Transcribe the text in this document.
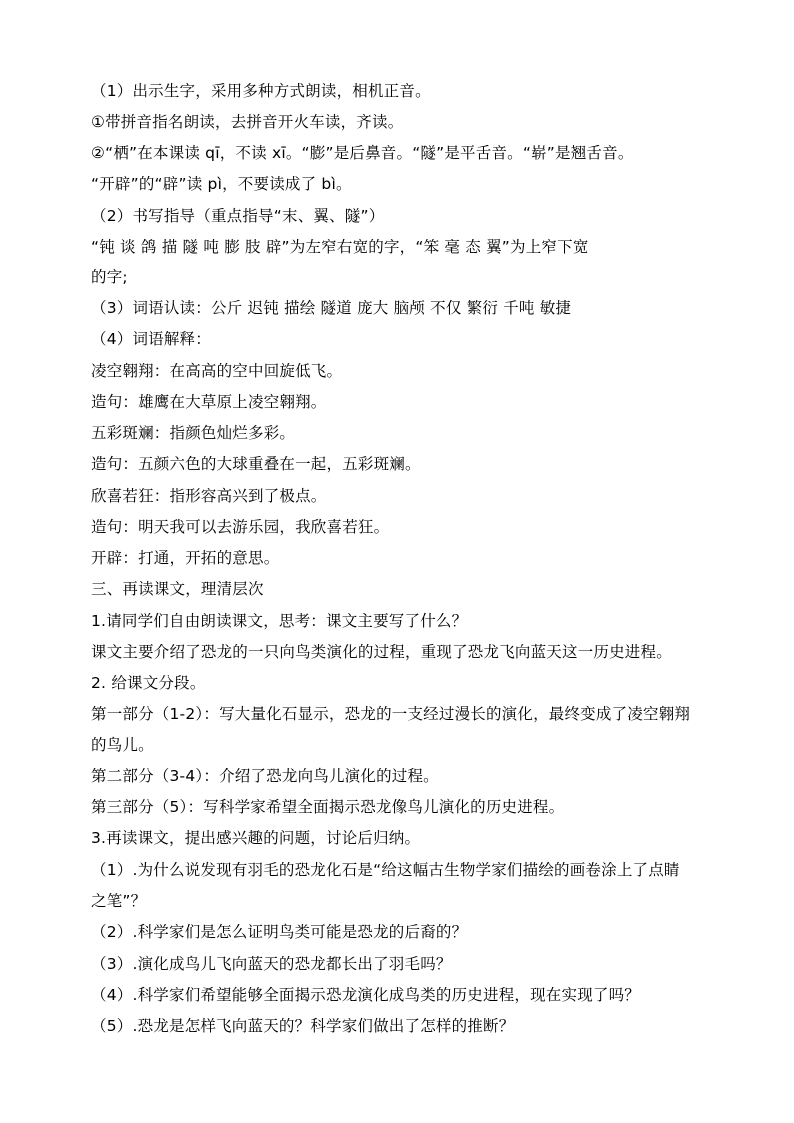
（1）出示生字，采用多种方式朗读，相机正音。
①带拼音指名朗读，去拼音开火车读，齐读。
②“栖”在本课读 qī，不读 xī。“膨”是后鼻音。“隧”是平舌音。“崭”是翘舌音。
“开辟”的“辟”读 pì，不要读成了 bì。
（2）书写指导（重点指导“末、翼、隧”）
“钝 谈 鸽 描 隧 吨 膨 肢 辟”为左窄右宽的字，“笨 毫 态 翼”为上窄下宽
的字;
（3）词语认读：公斤 迟钝 描绘 隧道 庞大 脑颅 不仅 繁衍 千吨 敏捷
（4）词语解释：
凌空翱翔：在高高的空中回旋低飞。
造句：雄鹰在大草原上凌空翱翔。
五彩斑斓：指颜色灿烂多彩。
造句：五颜六色的大球重叠在一起，五彩斑斓。
欣喜若狂：指形容高兴到了极点。
造句：明天我可以去游乐园，我欣喜若狂。
开辟：打通，开拓的意思。
三、再读课文，理清层次
1.请同学们自由朗读课文，思考：课文主要写了什么？
课文主要介绍了恐龙的一只向鸟类演化的过程，重现了恐龙飞向蓝天这一历史进程。
2. 给课文分段。
第一部分（1-2）：写大量化石显示，恐龙的一支经过漫长的演化，最终变成了凌空翱翔
的鸟儿。
第二部分（3-4）：介绍了恐龙向鸟儿演化的过程。
第三部分（5）：写科学家希望全面揭示恐龙像鸟儿演化的历史进程。
3.再读课文，提出感兴趣的问题，讨论后归纳。
（1）.为什么说发现有羽毛的恐龙化石是“给这幅古生物学家们描绘的画卷涂上了点睛
之笔”？
（2）.科学家们是怎么证明鸟类可能是恐龙的后裔的？
（3）.演化成鸟儿飞向蓝天的恐龙都长出了羽毛吗？
（4）.科学家们希望能够全面揭示恐龙演化成鸟类的历史进程，现在实现了吗？
（5）.恐龙是怎样飞向蓝天的？科学家们做出了怎样的推断？
